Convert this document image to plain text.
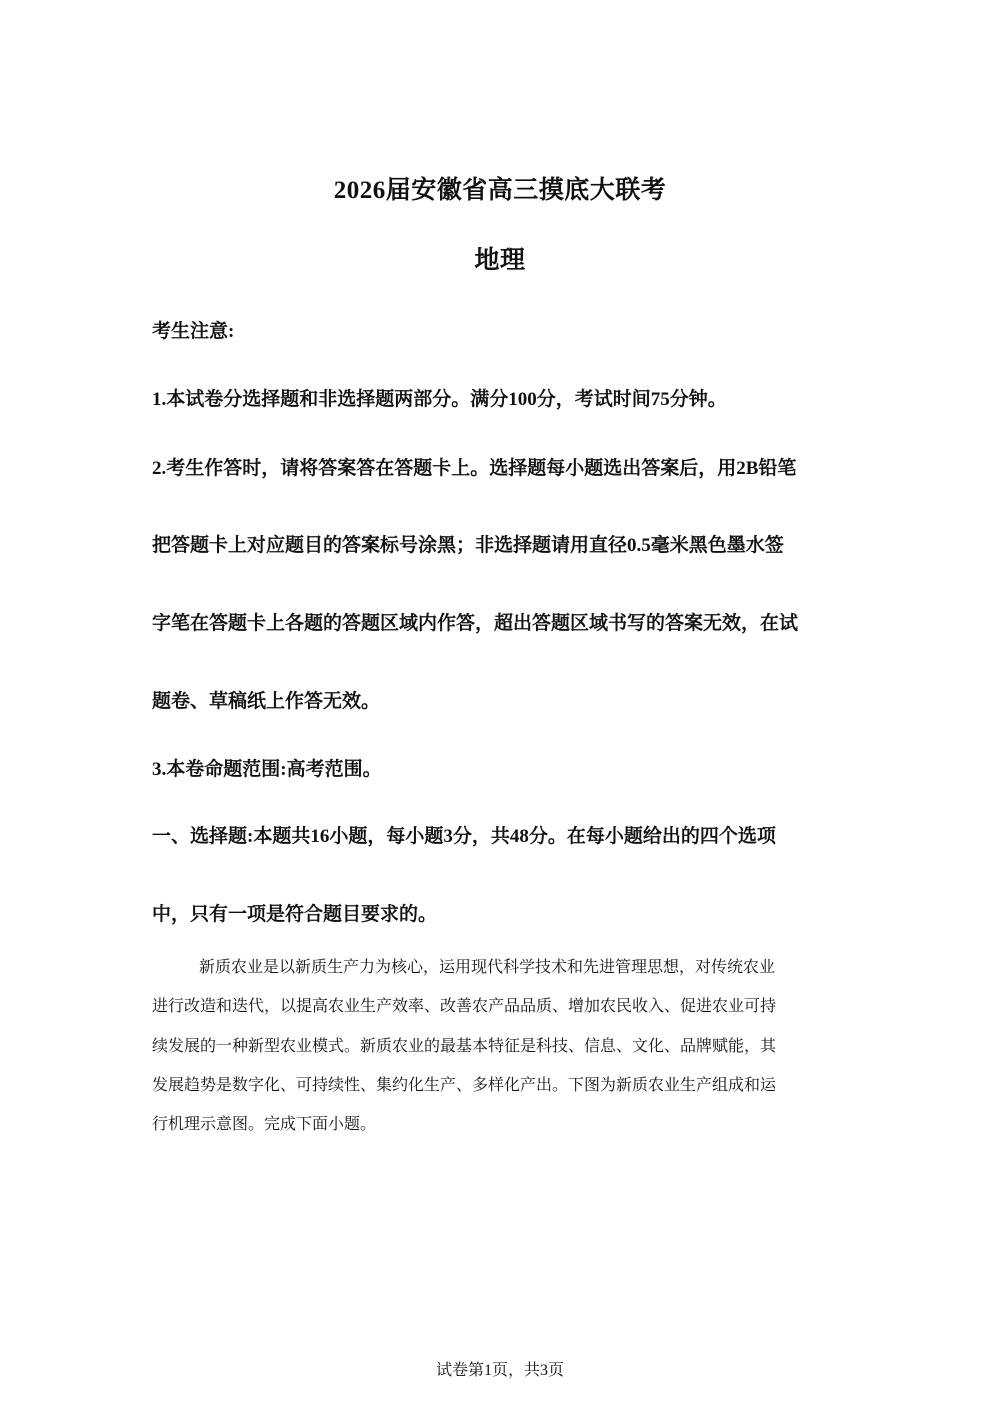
2026届安徽省高三摸底大联考
地理
考生注意:
1.本试卷分选择题和非选择题两部分。满分100分，考试时间75分钟。
2.考生作答时，请将答案答在答题卡上。选择题每小题选出答案后，用2B铅笔
把答题卡上对应题目的答案标号涂黑；非选择题请用直径0.5毫米黑色墨水签
字笔在答题卡上各题的答题区域内作答，超出答题区域书写的答案无效，在试
题卷、草稿纸上作答无效。
3.本卷命题范围:高考范围。
一、选择题:本题共16小题，每小题3分，共48分。在每小题给出的四个选项
中，只有一项是符合题目要求的。
新质农业是以新质生产力为核心，运用现代科学技术和先进管理思想，对传统农业
进行改造和迭代，以提高农业生产效率、改善农产品品质、增加农民收入、促进农业可持
续发展的一种新型农业模式。新质农业的最基本特征是科技、信息、文化、品牌赋能，其
发展趋势是数字化、可持续性、集约化生产、多样化产出。下图为新质农业生产组成和运
行机理示意图。完成下面小题。
试卷第1页，共3页
